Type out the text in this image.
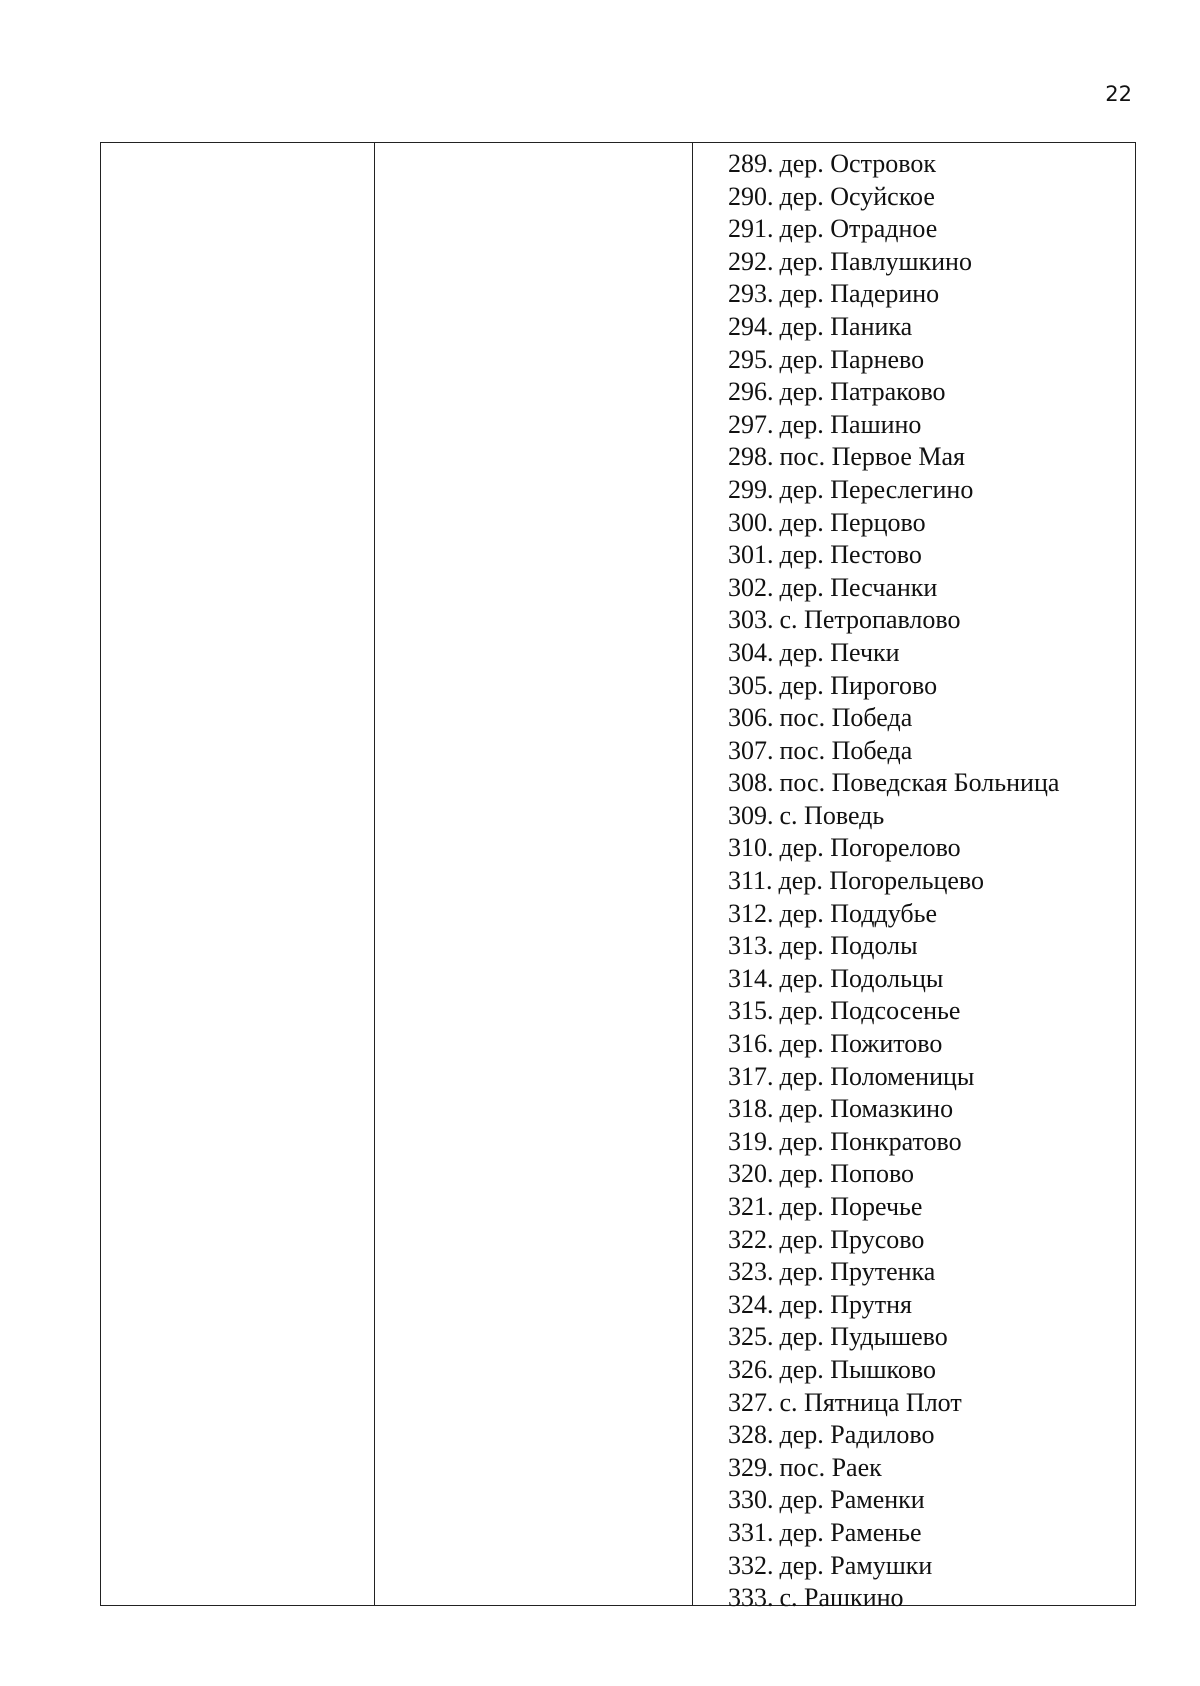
22
289. дер. Островок
290. дер. Осуйское
291. дер. Отрадное
292. дер. Павлушкино
293. дер. Падерино
294. дер. Паника
295. дер. Парнево
296. дер. Патраково
297. дер. Пашино
298. пос. Первое Мая
299. дер. Переслегино
300. дер. Перцово
301. дер. Пестово
302. дер. Песчанки
303. с. Петропавлово
304. дер. Печки
305. дер. Пирогово
306. пос. Победа
307. пос. Победа
308. пос. Поведская Больница
309. с. Поведь
310. дер. Погорелово
311. дер. Погорельцево
312. дер. Поддубье
313. дер. Подолы
314. дер. Подольцы
315. дер. Подсосенье
316. дер. Пожитово
317. дер. Поломеницы
318. дер. Помазкино
319. дер. Понкратово
320. дер. Попово
321. дер. Поречье
322. дер. Прусово
323. дер. Прутенка
324. дер. Прутня
325. дер. Пудышево
326. дер. Пышково
327. с. Пятница Плот
328. дер. Радилово
329. пос. Раек
330. дер. Раменки
331. дер. Раменье
332. дер. Рамушки
333. с. Рашкино
